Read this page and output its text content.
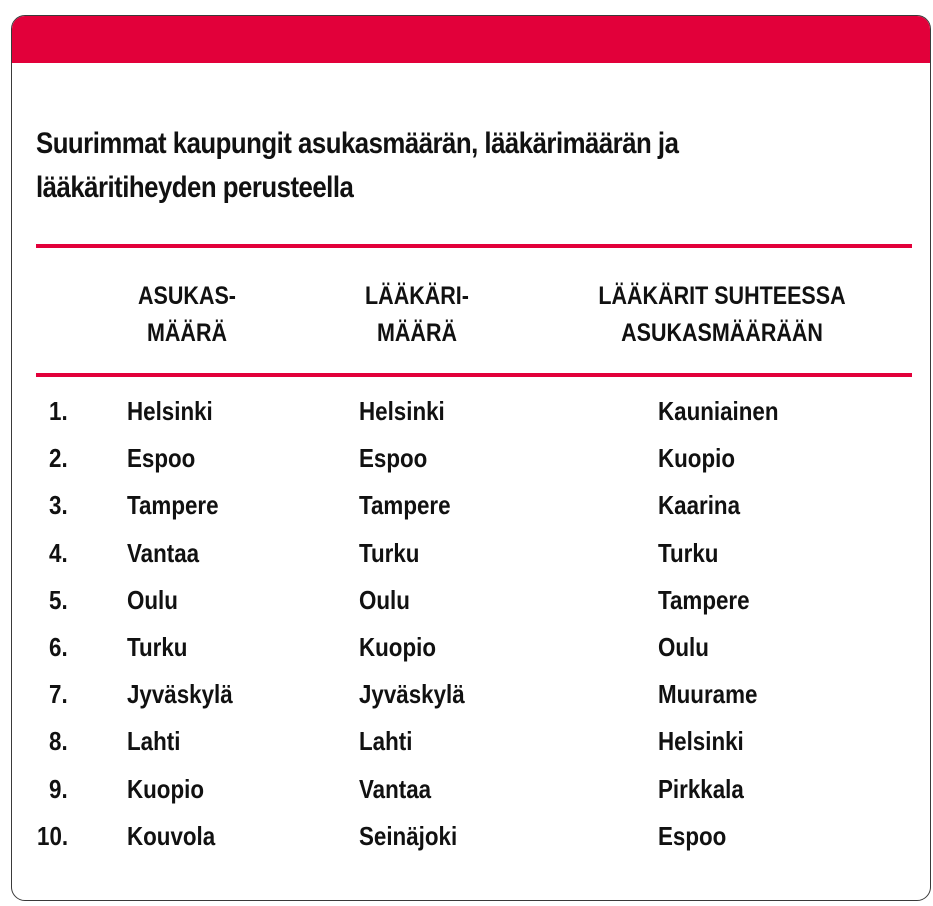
Suurimmat kaupungit asukasmäärän, lääkärimäärän ja lääkäritiheyden perusteella

ASUKAS-
MÄÄRÄ

LÄÄKÄRI-
MÄÄRÄ

LÄÄKÄRIT SUHTEESSA
ASUKASMÄÄRÄÄN

1. Helsinki	Helsinki	Kauniainen
2. Espoo	Espoo	Kuopio
3. Tampere	Tampere	Kaarina
4. Vantaa	Turku	Turku
5. Oulu	Oulu	Tampere
6. Turku	Kuopio	Oulu
7. Jyväskylä	Jyväskylä	Muurame
8. Lahti	Lahti	Helsinki
9. Kuopio	Vantaa	Pirkkala
10. Kouvola	Seinäjoki	Espoo
